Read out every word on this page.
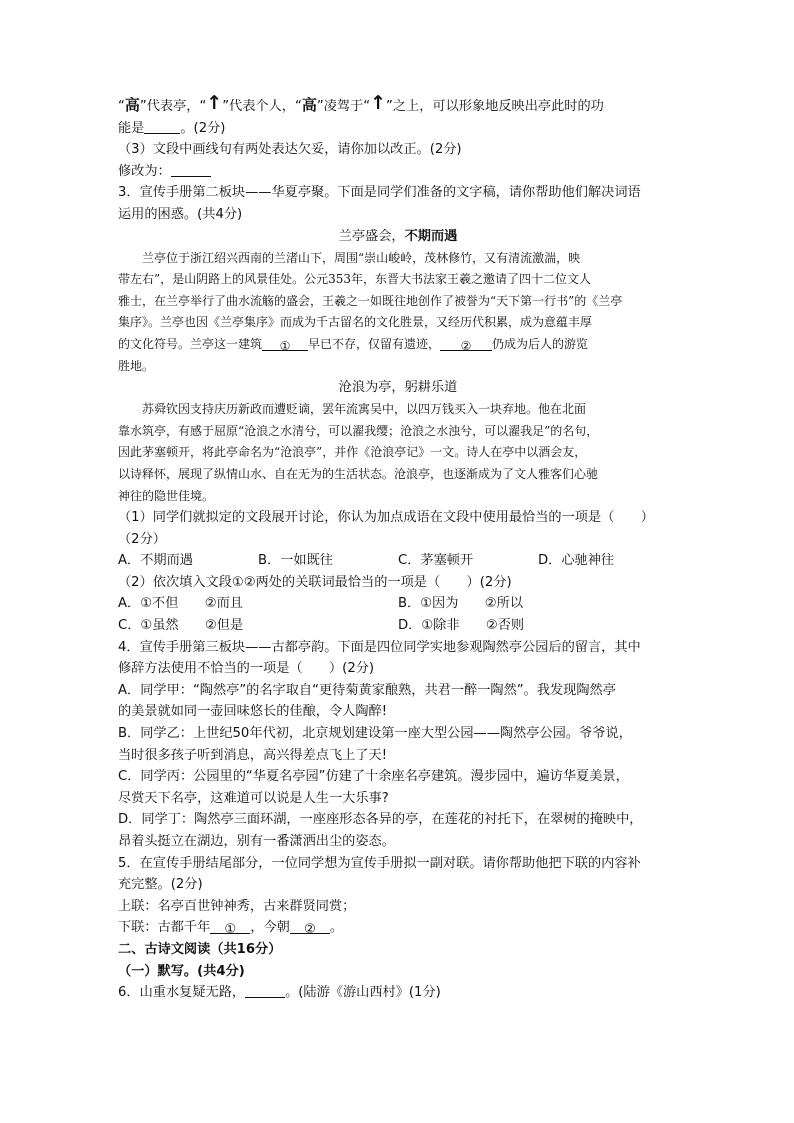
“高”代表亭，“↑”代表个人，“高”凌驾于“↑”之上，可以形象地反映出亭此时的功
能是	。(2分)
（3）文段中画线句有两处表达欠妥，请你加以改正。(2分)
修改为：
3．宣传手册第二板块——华夏亭聚。下面是同学们准备的文字稿，请你帮助他们解决词语
运用的困惑。(共4分)
兰亭盛会，不期而遇
兰亭位于浙江绍兴西南的兰渚山下，周围“崇山峻岭，茂林修竹，又有清流激湍，映
带左右”，是山阴路上的风景佳处。公元353年，东晋大书法家王羲之邀请了四十二位文人
雅士，在兰亭举行了曲水流觞的盛会，王羲之一如既往地创作了被誉为“天下第一行书”的《兰亭
集序》。兰亭也因《兰亭集序》而成为千古留名的文化胜景，又经历代积累，成为意蕴丰厚
的文化符号。兰亭这一建筑 ① 早已不存，仅留有遗迹， ② 仍成为后人的游览
胜地。
沧浪为亭，躬耕乐道
苏舜钦因支持庆历新政而遭贬谪，罢年流寓吴中，以四万钱买入一块弃地。他在北面
靠水筑亭，有感于屈原“沧浪之水清兮，可以濯我缨；沧浪之水浊兮，可以濯我足”的名句，
因此茅塞顿开，将此亭命名为“沧浪亭”，并作《沧浪亭记》一文。诗人在亭中以酒会友，
以诗释怀，展现了纵情山水、自在无为的生活状态。沧浪亭，也逐渐成为了文人雅客们心驰
神往的隐世佳境。
（1）同学们就拟定的文段展开讨论，你认为加点成语在文段中使用最恰当的一项是（　　）
（2分）
A．不期而遇	B．一如既往	C．茅塞顿开	D．心驰神往
（2）依次填入文段①②两处的关联词最恰当的一项是（　　）(2分)
A．①不但　　②而且	B．①因为　　②所以
C．①虽然　　②但是	D．①除非　　②否则
4．宣传手册第三板块——古都亭韵。下面是四位同学实地参观陶然亭公园后的留言，其中
修辞方法使用不恰当的一项是（　　）(2分)
A．同学甲：“陶然亭”的名字取自“更待菊黄家酿熟，共君一醉一陶然”。我发现陶然亭
的美景就如同一壶回味悠长的佳酿，令人陶醉!
B．同学乙：上世纪50年代初，北京规划建设第一座大型公园——陶然亭公园。爷爷说，
当时很多孩子听到消息，高兴得差点飞上了天!
C．同学丙：公园里的“华夏名亭园”仿建了十余座名亭建筑。漫步园中，遍访华夏美景，
尽赏天下名亭，这难道可以说是人生一大乐事?
D．同学丁：陶然亭三面环湖，一座座形态各异的亭，在莲花的衬托下，在翠树的掩映中，
昂着头挺立在湖边，别有一番潇洒出尘的姿态。
5．在宣传手册结尾部分，一位同学想为宣传手册拟一副对联。请你帮助他把下联的内容补
充完整。(2分)
上联：名亭百世钟神秀，古来群贤同赏；
下联：古都千年 ① ，今朝 ② 。
二、古诗文阅读（共16分）
（一）默写。(共4分)
6．山重水复疑无路，	。(陆游《游山西村》(1分)
